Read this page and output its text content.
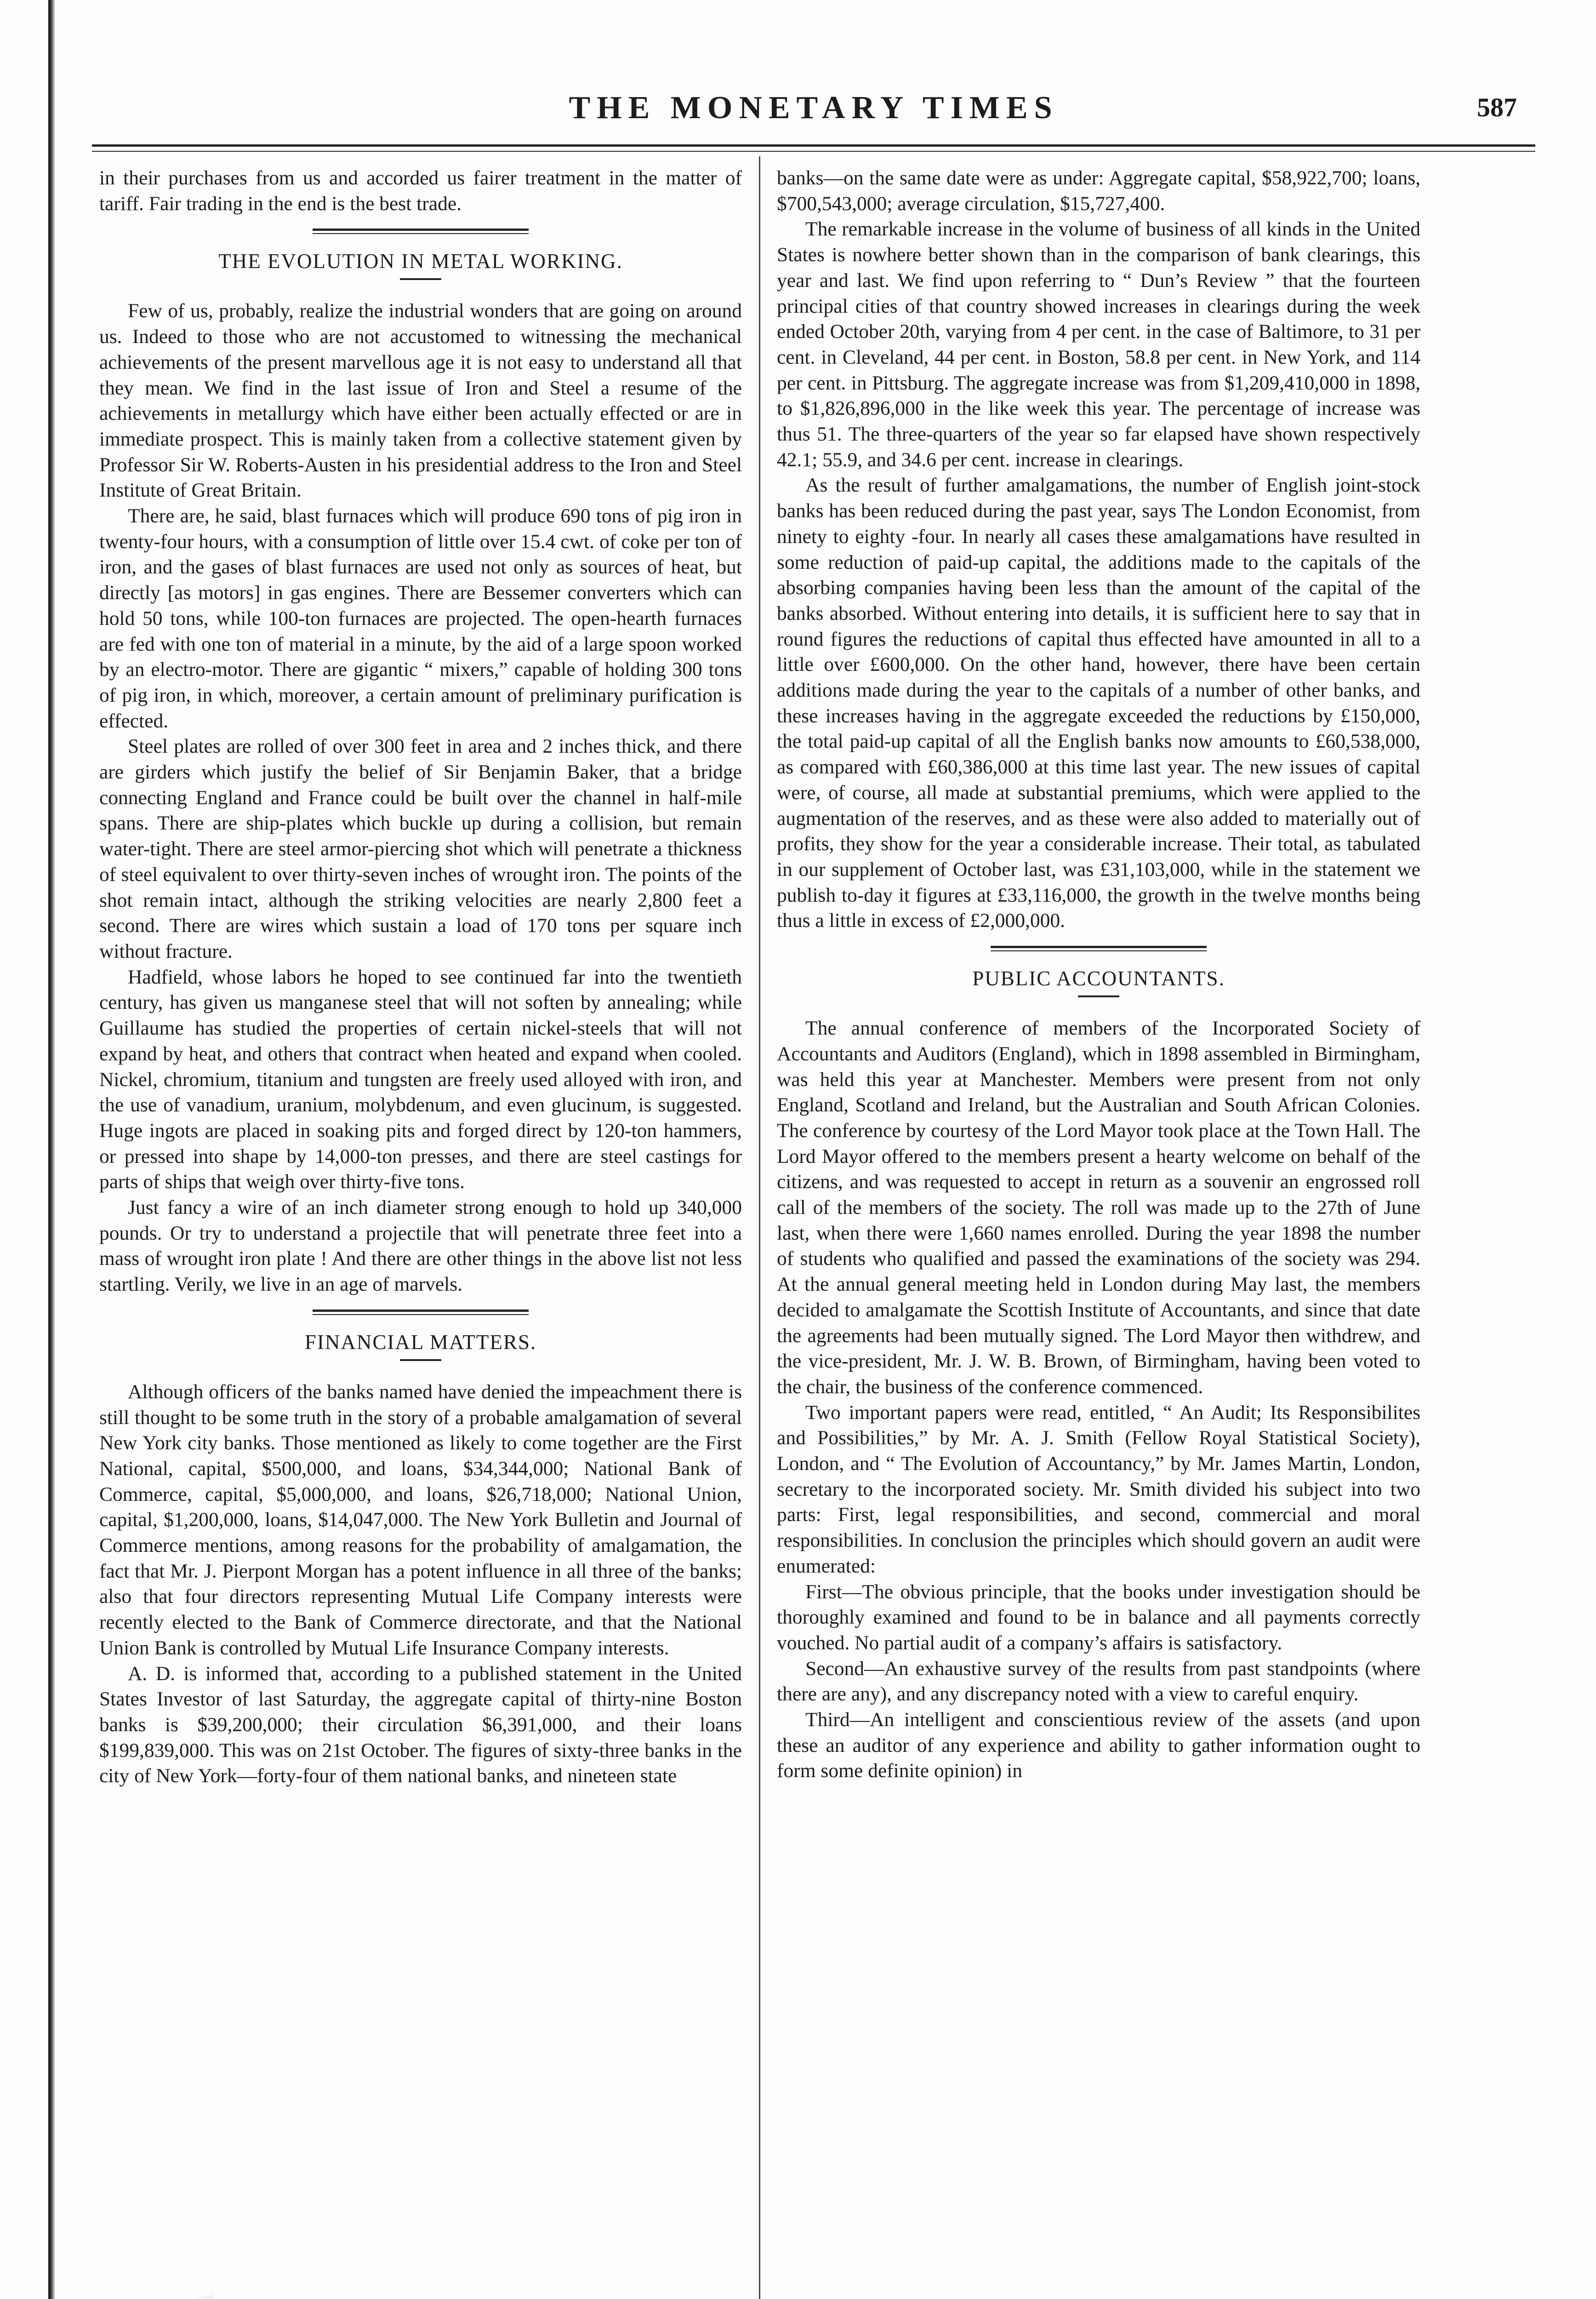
THE MONETARY TIMES	587

in their purchases from us and accorded us fairer treatment in the matter of tariff. Fair trading in the end is the best trade.

THE EVOLUTION IN METAL WORKING.

Few of us, probably, realize the industrial wonders that are going on around us. Indeed to those who are not accustomed to witnessing the mechanical achievements of the present marvellous age it is not easy to understand all that they mean. We find in the last issue of Iron and Steel a resume of the achievements in metallurgy which have either been actually effected or are in immediate prospect. This is mainly taken from a collective statement given by Professor Sir W. Roberts-Austen in his presidential address to the Iron and Steel Institute of Great Britain.

There are, he said, blast furnaces which will produce 690 tons of pig iron in twenty-four hours, with a consumption of little over 15.4 cwt. of coke per ton of iron, and the gases of blast furnaces are used not only as sources of heat, but directly [as motors] in gas engines. There are Bessemer converters which can hold 50 tons, while 100-ton furnaces are projected. The open-hearth furnaces are fed with one ton of material in a minute, by the aid of a large spoon worked by an electro-motor. There are gigantic “ mixers,” capable of holding 300 tons of pig iron, in which, moreover, a certain amount of preliminary purification is effected.

Steel plates are rolled of over 300 feet in area and 2 inches thick, and there are girders which justify the belief of Sir Benjamin Baker, that a bridge connecting England and France could be built over the channel in half-mile spans. There are ship-plates which buckle up during a collision, but remain water-tight. There are steel armor-piercing shot which will penetrate a thickness of steel equivalent to over thirty-seven inches of wrought iron. The points of the shot remain intact, although the striking velocities are nearly 2,800 feet a second. There are wires which sustain a load of 170 tons per square inch without fracture.

Hadfield, whose labors he hoped to see continued far into the twentieth century, has given us manganese steel that will not soften by annealing; while Guillaume has studied the properties of certain nickel-steels that will not expand by heat, and others that contract when heated and expand when cooled. Nickel, chromium, titanium and tungsten are freely used alloyed with iron, and the use of vanadium, uranium, molybdenum, and even glucinum, is suggested. Huge ingots are placed in soaking pits and forged direct by 120-ton hammers, or pressed into shape by 14,000-ton presses, and there are steel castings for parts of ships that weigh over thirty-five tons.

Just fancy a wire of an inch diameter strong enough to hold up 340,000 pounds. Or try to understand a projectile that will penetrate three feet into a mass of wrought iron plate ! And there are other things in the above list not less startling. Verily, we live in an age of marvels.

FINANCIAL MATTERS.

Although officers of the banks named have denied the impeachment there is still thought to be some truth in the story of a probable amalgamation of several New York city banks. Those mentioned as likely to come together are the First National, capital, $500,000, and loans, $34,344,000; National Bank of Commerce, capital, $5,000,000, and loans, $26,718,000; National Union, capital, $1,200,000, loans, $14,047,000. The New York Bulletin and Journal of Commerce mentions, among reasons for the probability of amalgamation, the fact that Mr. J. Pierpont Morgan has a potent influence in all three of the banks; also that four directors representing Mutual Life Company interests were recently elected to the Bank of Commerce directorate, and that the National Union Bank is controlled by Mutual Life Insurance Company interests.

A. D. is informed that, according to a published statement in the United States Investor of last Saturday, the aggregate capital of thirty-nine Boston banks is $39,200,000; their circulation $6,391,000, and their loans $199,839,000. This was on 21st October. The figures of sixty-three banks in the city of New York—forty-four of them national banks, and nineteen state

banks—on the same date were as under: Aggregate capital, $58,922,700; loans, $700,543,000; average circulation, $15,727,400.

The remarkable increase in the volume of business of all kinds in the United States is nowhere better shown than in the comparison of bank clearings, this year and last. We find upon referring to “ Dun’s Review ” that the fourteen principal cities of that country showed increases in clearings during the week ended October 20th, varying from 4 per cent. in the case of Baltimore, to 31 per cent. in Cleveland, 44 per cent. in Boston, 58.8 per cent. in New York, and 114 per cent. in Pittsburg. The aggregate increase was from $1,209,410,000 in 1898, to $1,826,896,000 in the like week this year. The percentage of increase was thus 51. The three-quarters of the year so far elapsed have shown respectively 42.1; 55.9, and 34.6 per cent. increase in clearings.

As the result of further amalgamations, the number of English joint-stock banks has been reduced during the past year, says The London Economist, from ninety to eighty -four. In nearly all cases these amalgamations have resulted in some reduction of paid-up capital, the additions made to the capitals of the absorbing companies having been less than the amount of the capital of the banks absorbed. Without entering into details, it is sufficient here to say that in round figures the reductions of capital thus effected have amounted in all to a little over £600,000. On the other hand, however, there have been certain additions made during the year to the capitals of a number of other banks, and these increases having in the aggregate exceeded the reductions by £150,000, the total paid-up capital of all the English banks now amounts to £60,538,000, as compared with £60,386,000 at this time last year. The new issues of capital were, of course, all made at substantial premiums, which were applied to the augmentation of the reserves, and as these were also added to materially out of profits, they show for the year a considerable increase. Their total, as tabulated in our supplement of October last, was £31,103,000, while in the statement we publish to-day it figures at £33,116,000, the growth in the twelve months being thus a little in excess of £2,000,000.

PUBLIC ACCOUNTANTS.

The annual conference of members of the Incorporated Society of Accountants and Auditors (England), which in 1898 assembled in Birmingham, was held this year at Manchester. Members were present from not only England, Scotland and Ireland, but the Australian and South African Colonies. The conference by courtesy of the Lord Mayor took place at the Town Hall. The Lord Mayor offered to the members present a hearty welcome on behalf of the citizens, and was requested to accept in return as a souvenir an engrossed roll call of the members of the society. The roll was made up to the 27th of June last, when there were 1,660 names enrolled. During the year 1898 the number of students who qualified and passed the examinations of the society was 294. At the annual general meeting held in London during May last, the members decided to amalgamate the Scottish Institute of Accountants, and since that date the agreements had been mutually signed. The Lord Mayor then withdrew, and the vice-president, Mr. J. W. B. Brown, of Birmingham, having been voted to the chair, the business of the conference commenced.

Two important papers were read, entitled, “ An Audit; Its Responsibilites and Possibilities,” by Mr. A. J. Smith (Fellow Royal Statistical Society), London, and “ The Evolution of Accountancy,” by Mr. James Martin, London, secretary to the incorporated society. Mr. Smith divided his subject into two parts: First, legal responsibilities, and second, commercial and moral responsibilities. In conclusion the principles which should govern an audit were enumerated:

First—The obvious principle, that the books under investigation should be thoroughly examined and found to be in balance and all payments correctly vouched. No partial audit of a company’s affairs is satisfactory.

Second—An exhaustive survey of the results from past standpoints (where there are any), and any discrepancy noted with a view to careful enquiry.

Third—An intelligent and conscientious review of the assets (and upon these an auditor of any experience and ability to gather information ought to form some definite opinion) in
